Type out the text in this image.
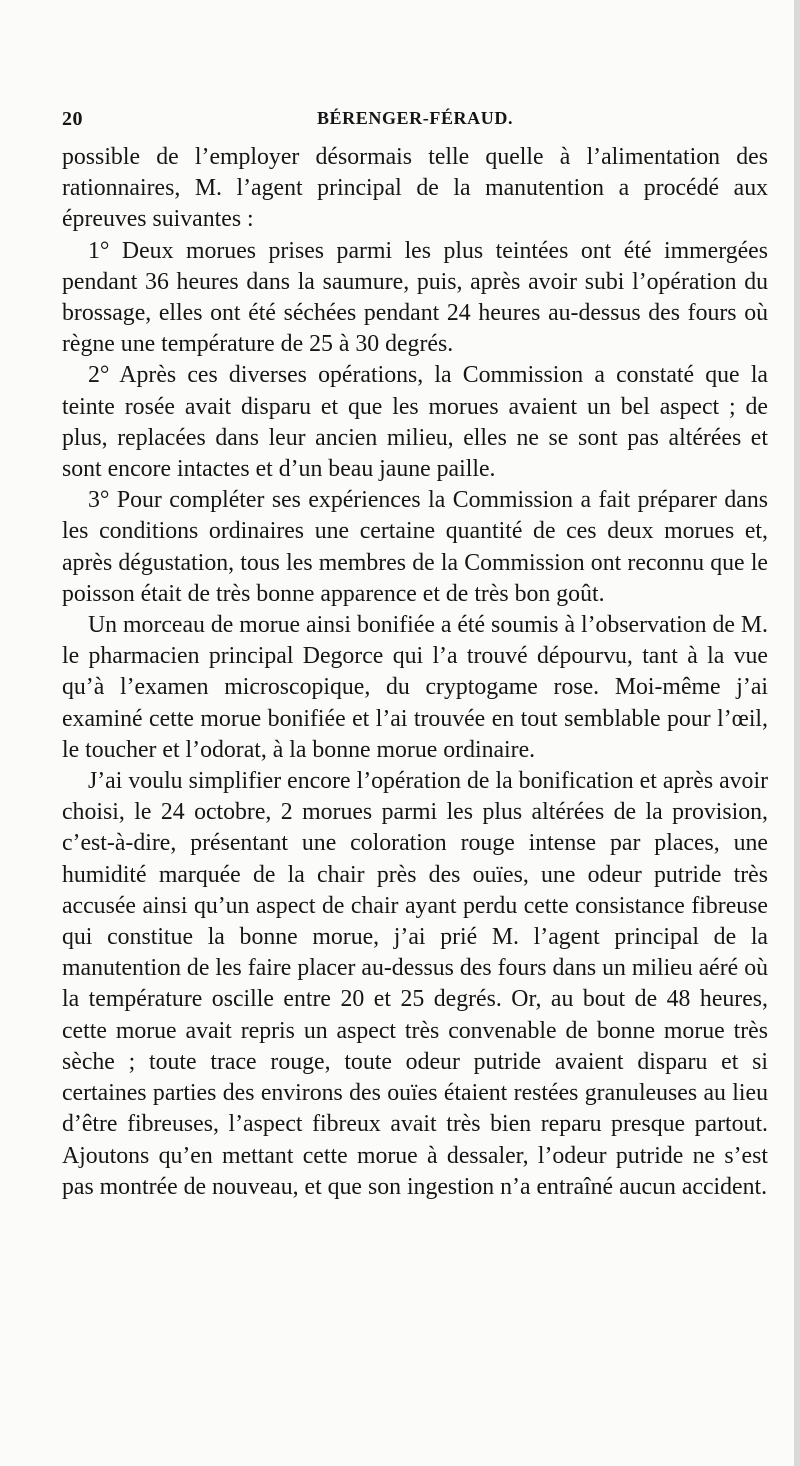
20	BÉRENGER-FÉRAUD.

possible de l’employer désormais telle quelle à l’alimentation des rationnaires, M. l’agent principal de la manutention a procédé aux épreuves suivantes :

1° Deux morues prises parmi les plus teintées ont été immergées pendant 36 heures dans la saumure, puis, après avoir subi l’opération du brossage, elles ont été séchées pendant 24 heures au-dessus des fours où règne une température de 25 à 30 degrés.

2° Après ces diverses opérations, la Commission a constaté que la teinte rosée avait disparu et que les morues avaient un bel aspect ; de plus, replacées dans leur ancien milieu, elles ne se sont pas altérées et sont encore intactes et d’un beau jaune paille.

3° Pour compléter ses expériences la Commission a fait préparer dans les conditions ordinaires une certaine quantité de ces deux morues et, après dégustation, tous les membres de la Commission ont reconnu que le poisson était de très bonne apparence et de très bon goût.

Un morceau de morue ainsi bonifiée a été soumis à l’observation de M. le pharmacien principal Degorce qui l’a trouvé dépourvu, tant à la vue qu’à l’examen microscopique, du cryptogame rose. Moi-même j’ai examiné cette morue bonifiée et l’ai trouvée en tout semblable pour l’œil, le toucher et l’odorat, à la bonne morue ordinaire.

J’ai voulu simplifier encore l’opération de la bonification et après avoir choisi, le 24 octobre, 2 morues parmi les plus altérées de la provision, c’est-à-dire, présentant une coloration rouge intense par places, une humidité marquée de la chair près des ouïes, une odeur putride très accusée ainsi qu’un aspect de chair ayant perdu cette consistance fibreuse qui constitue la bonne morue, j’ai prié M. l’agent principal de la manutention de les faire placer au-dessus des fours dans un milieu aéré où la température oscille entre 20 et 25 degrés. Or, au bout de 48 heures, cette morue avait repris un aspect très convenable de bonne morue très sèche ; toute trace rouge, toute odeur putride avaient disparu et si certaines parties des environs des ouïes étaient restées granuleuses au lieu d’être fibreuses, l’aspect fibreux avait très bien reparu presque partout. Ajoutons qu’en mettant cette morue à dessaler, l’odeur putride ne s’est pas montrée de nouveau, et que son ingestion n’a entraîné aucun accident.
